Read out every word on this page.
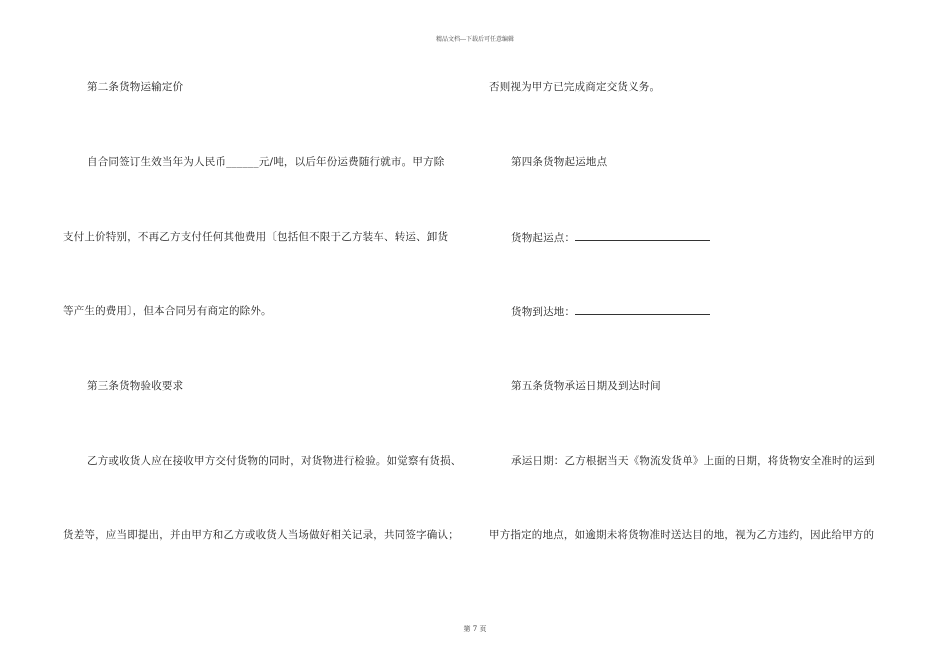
精品文档---下载后可任意编辑
第二条货物运输定价
自合同签订生效当年为人民币______元/吨，以后年份运费随行就市。甲方除
支付上价特别，不再乙方支付任何其他费用〔包括但不限于乙方装车、转运、卸货
等产生的费用〕，但本合同另有商定的除外。
第三条货物验收要求
乙方或收货人应在接收甲方交付货物的同时，对货物进行检验。如觉察有货损、
货差等，应当即提出，并由甲方和乙方或收货人当场做好相关记录，共同签字确认；
否则视为甲方已完成商定交货义务。
第四条货物起运地点
货物起运点：
货物到达地：
第五条货物承运日期及到达时间
承运日期：乙方根据当天《物流发货单》上面的日期，将货物安全准时的运到
甲方指定的地点，如逾期未将货物准时送达目的地，视为乙方违约，因此给甲方的
第 7 页
